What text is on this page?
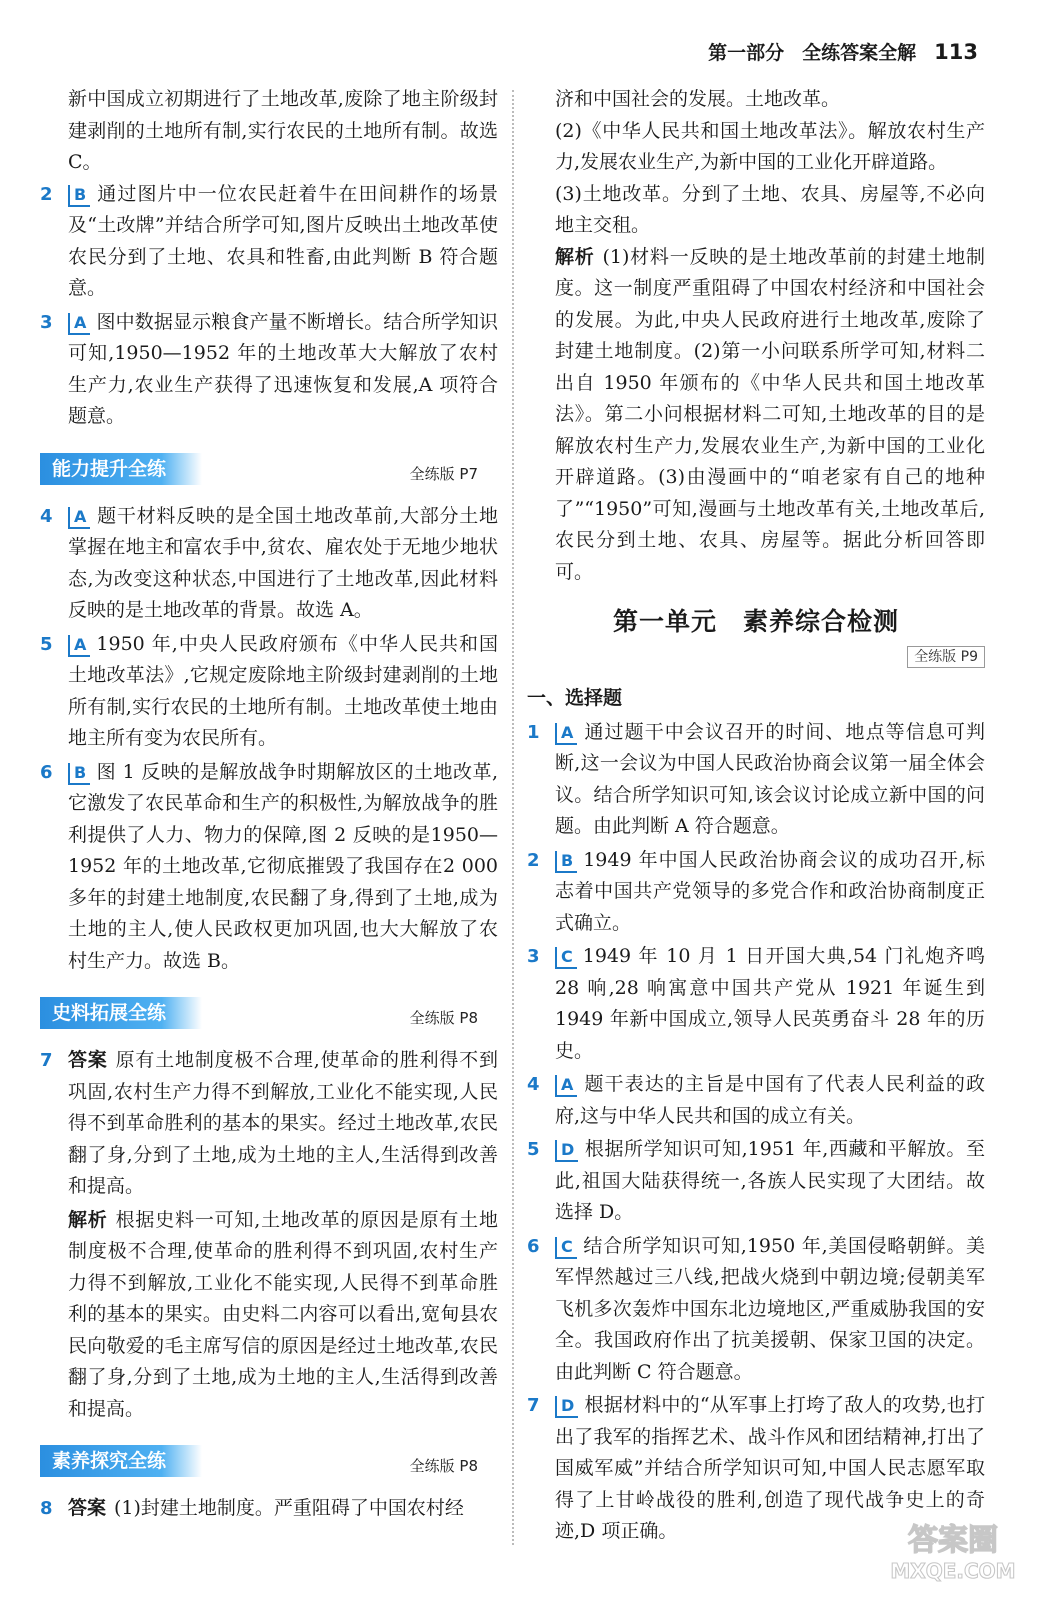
第一部分 全练答案全解 113
新中国成立初期进行了土地改革,废除了地主阶级封建剥削的土地所有制,实行农民的土地所有制。故选 C。
2 B 通过图片中一位农民赶着牛在田间耕作的场景及“土改牌”并结合所学可知,图片反映出土地改革使农民分到了土地、农具和牲畜,由此判断 B 符合题意。
3 A 图中数据显示粮食产量不断增长。结合所学知识可知,1950—1952 年的土地改革大大解放了农村生产力,农业生产获得了迅速恢复和发展,A 项符合题意。
能力提升全练	全练版 P7
4 A 题干材料反映的是全国土地改革前,大部分土地掌握在地主和富农手中,贫农、雇农处于无地少地状态,为改变这种状态,中国进行了土地改革,因此材料反映的是土地改革的背景。故选 A。
5 A 1950 年,中央人民政府颁布《中华人民共和国土地改革法》,它规定废除地主阶级封建剥削的土地所有制,实行农民的土地所有制。土地改革使土地由地主所有变为农民所有。
6 B 图 1 反映的是解放战争时期解放区的土地改革,它激发了农民革命和生产的积极性,为解放战争的胜利提供了人力、物力的保障,图 2 反映的是1950—1952 年的土地改革,它彻底摧毁了我国存在2 000 多年的封建土地制度,农民翻了身,得到了土地,成为土地的主人,使人民政权更加巩固,也大大解放了农村生产力。故选 B。
史料拓展全练	全练版 P8
7 答案 原有土地制度极不合理,使革命的胜利得不到巩固,农村生产力得不到解放,工业化不能实现,人民得不到革命胜利的基本的果实。经过土地改革,农民翻了身,分到了土地,成为土地的主人,生活得到改善和提高。
解析 根据史料一可知,土地改革的原因是原有土地制度极不合理,使革命的胜利得不到巩固,农村生产力得不到解放,工业化不能实现,人民得不到革命胜利的基本的果实。由史料二内容可以看出,宽甸县农民向敬爱的毛主席写信的原因是经过土地改革,农民翻了身,分到了土地,成为土地的主人,生活得到改善和提高。
素养探究全练	全练版 P8
8 答案 (1)封建土地制度。严重阻碍了中国农村经
济和中国社会的发展。土地改革。
(2)《中华人民共和国土地改革法》。解放农村生产力,发展农业生产,为新中国的工业化开辟道路。
(3)土地改革。分到了土地、农具、房屋等,不必向地主交租。
解析 (1)材料一反映的是土地改革前的封建土地制度。这一制度严重阻碍了中国农村经济和中国社会的发展。为此,中央人民政府进行土地改革,废除了封建土地制度。(2)第一小问联系所学可知,材料二出自 1950 年颁布的《中华人民共和国土地改革法》。第二小问根据材料二可知,土地改革的目的是解放农村生产力,发展农业生产,为新中国的工业化开辟道路。(3)由漫画中的“咱老家有自己的地种了”“1950”可知,漫画与土地改革有关,土地改革后,农民分到土地、农具、房屋等。据此分析回答即可。
第一单元　素养综合检测
全练版 P9
一、选择题
1 A 通过题干中会议召开的时间、地点等信息可判断,这一会议为中国人民政治协商会议第一届全体会议。结合所学知识可知,该会议讨论成立新中国的问题。由此判断 A 符合题意。
2 B 1949 年中国人民政治协商会议的成功召开,标志着中国共产党领导的多党合作和政治协商制度正式确立。
3 C 1949 年 10 月 1 日开国大典,54 门礼炮齐鸣 28 响,28 响寓意中国共产党从 1921 年诞生到 1949 年新中国成立,领导人民英勇奋斗 28 年的历史。
4 A 题干表达的主旨是中国有了代表人民利益的政府,这与中华人民共和国的成立有关。
5 D 根据所学知识可知,1951 年,西藏和平解放。至此,祖国大陆获得统一,各族人民实现了大团结。故选择 D。
6 C 结合所学知识可知,1950 年,美国侵略朝鲜。美军悍然越过三八线,把战火烧到中朝边境;侵朝美军飞机多次轰炸中国东北边境地区,严重威胁我国的安全。我国政府作出了抗美援朝、保家卫国的决定。由此判断 C 符合题意。
7 D 根据材料中的“从军事上打垮了敌人的攻势,也打出了我军的指挥艺术、战斗作风和团结精神,打出了国威军威”并结合所学知识可知,中国人民志愿军取得了上甘岭战役的胜利,创造了现代战争史上的奇迹,D 项正确。	答案圈
MXQE.COM
